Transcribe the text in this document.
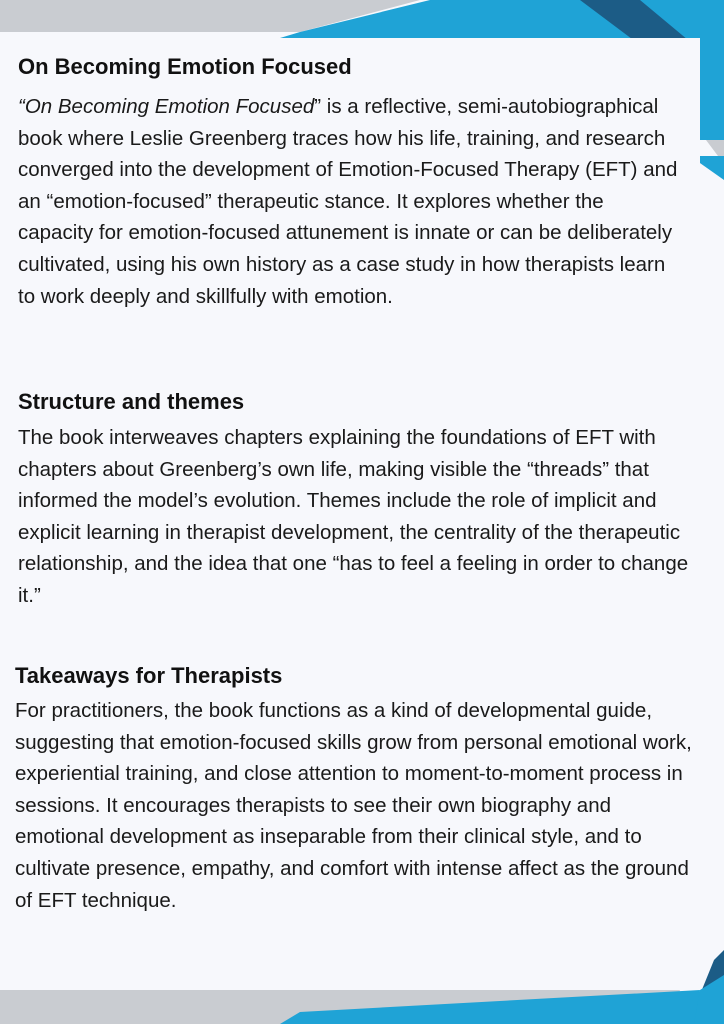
On Becoming Emotion Focused

“On Becoming Emotion Focused” is a reflective, semi-autobiographical book where Leslie Greenberg traces how his life, training, and research converged into the development of Emotion-Focused Therapy (EFT) and an “emotion-focused” therapeutic stance. It explores whether the capacity for emotion-focused attunement is innate or can be deliberately cultivated, using his own history as a case study in how therapists learn to work deeply and skillfully with emotion.

Structure and themes

The book interweaves chapters explaining the foundations of EFT with chapters about Greenberg’s own life, making visible the “threads” that informed the model’s evolution. Themes include the role of implicit and explicit learning in therapist development, the centrality of the therapeutic relationship, and the idea that one “has to feel a feeling in order to change it.”

Takeaways for Therapists

For practitioners, the book functions as a kind of developmental guide, suggesting that emotion-focused skills grow from personal emotional work, experiential training, and close attention to moment-to-moment process in sessions. It encourages therapists to see their own biography and emotional development as inseparable from their clinical style, and to cultivate presence, empathy, and comfort with intense affect as the ground of EFT technique.
